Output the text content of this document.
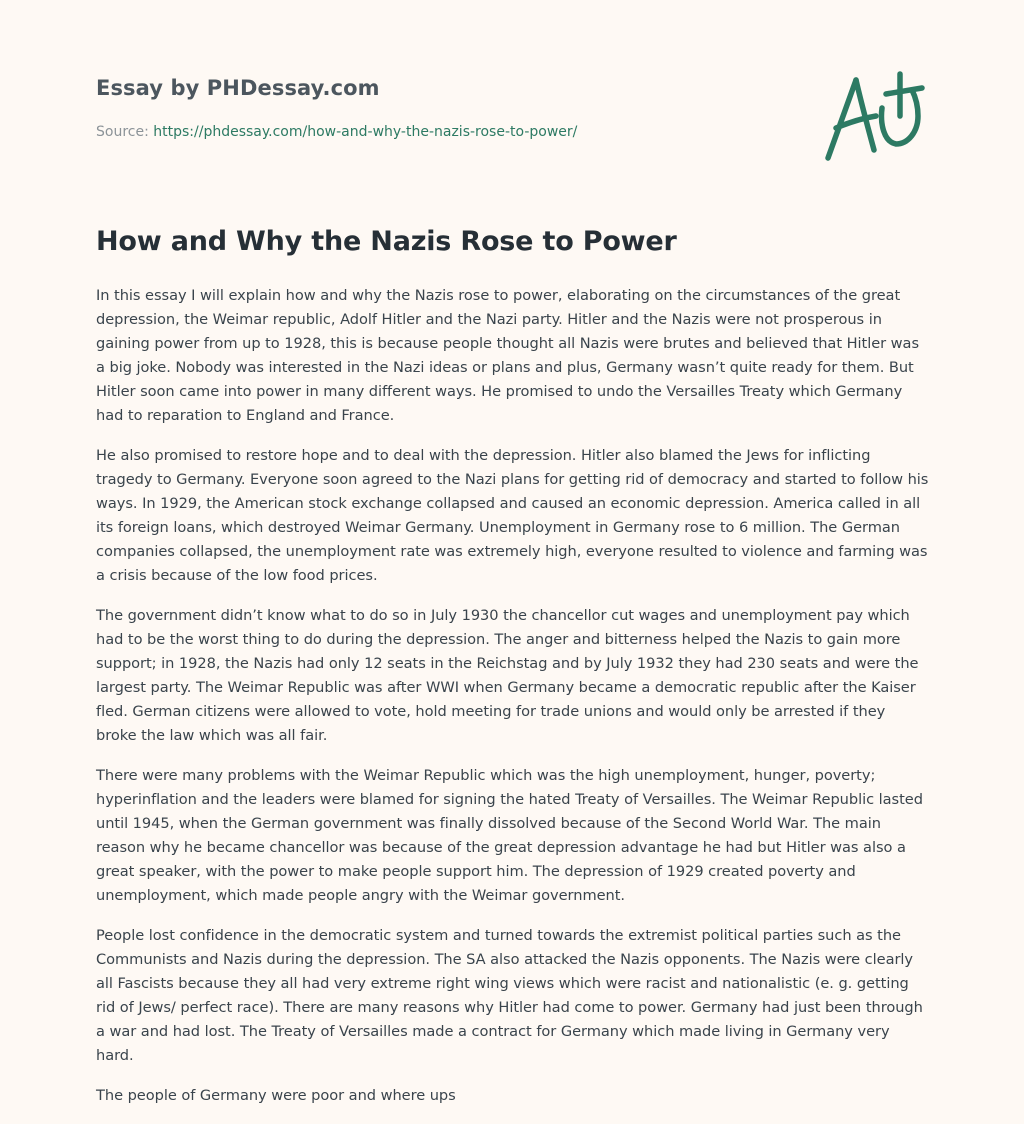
Essay by PHDessay.com

Source: https://phdessay.com/how-and-why-the-nazis-rose-to-power/

How and Why the Nazis Rose to Power

In this essay I will explain how and why the Nazis rose to power, elaborating on the circumstances of the great depression, the Weimar republic, Adolf Hitler and the Nazi party. Hitler and the Nazis were not prosperous in gaining power from up to 1928, this is because people thought all Nazis were brutes and believed that Hitler was a big joke. Nobody was interested in the Nazi ideas or plans and plus, Germany wasn’t quite ready for them. But Hitler soon came into power in many different ways. He promised to undo the Versailles Treaty which Germany had to reparation to England and France.

He also promised to restore hope and to deal with the depression. Hitler also blamed the Jews for inflicting tragedy to Germany. Everyone soon agreed to the Nazi plans for getting rid of democracy and started to follow his ways. In 1929, the American stock exchange collapsed and caused an economic depression. America called in all its foreign loans, which destroyed Weimar Germany. Unemployment in Germany rose to 6 million. The German companies collapsed, the unemployment rate was extremely high, everyone resulted to violence and farming was a crisis because of the low food prices.

The government didn’t know what to do so in July 1930 the chancellor cut wages and unemployment pay which had to be the worst thing to do during the depression. The anger and bitterness helped the Nazis to gain more support; in 1928, the Nazis had only 12 seats in the Reichstag and by July 1932 they had 230 seats and were the largest party. The Weimar Republic was after WWI when Germany became a democratic republic after the Kaiser fled. German citizens were allowed to vote, hold meeting for trade unions and would only be arrested if they broke the law which was all fair.

There were many problems with the Weimar Republic which was the high unemployment, hunger, poverty; hyperinflation and the leaders were blamed for signing the hated Treaty of Versailles. The Weimar Republic lasted until 1945, when the German government was finally dissolved because of the Second World War. The main reason why he became chancellor was because of the great depression advantage he had but Hitler was also a great speaker, with the power to make people support him. The depression of 1929 created poverty and unemployment, which made people angry with the Weimar government.

People lost confidence in the democratic system and turned towards the extremist political parties such as the Communists and Nazis during the depression. The SA also attacked the Nazis opponents. The Nazis were clearly all Fascists because they all had very extreme right wing views which were racist and nationalistic (e. g. getting rid of Jews/ perfect race). There are many reasons why Hitler had come to power. Germany had just been through a war and had lost. The Treaty of Versailles made a contract for Germany which made living in Germany very hard.

The people of Germany were poor and where ups
